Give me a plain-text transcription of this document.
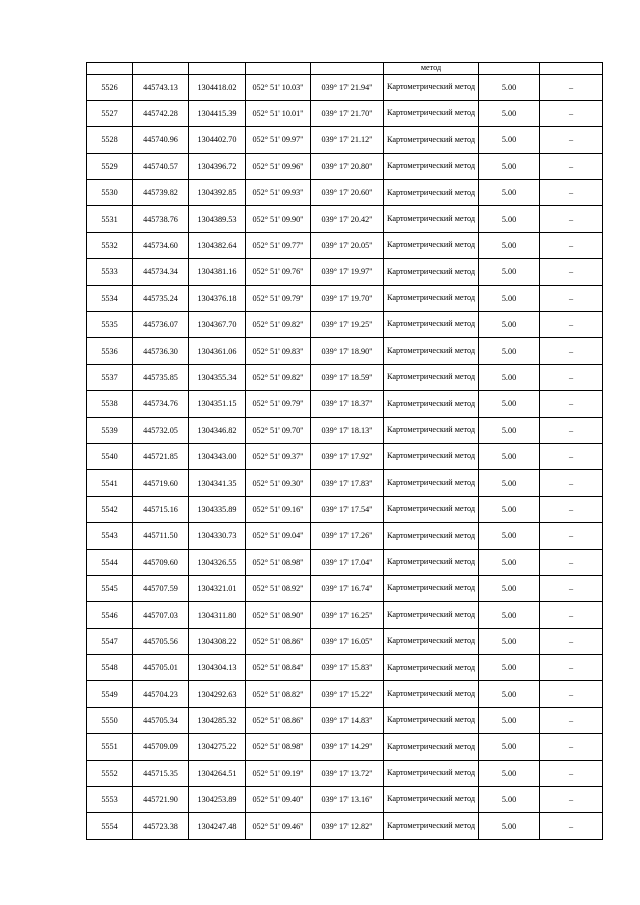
					метод		
5526	445743.13	1304418.02	052° 51' 10.03"	039° 17' 21.94"	Картометрический метод	5.00	–
5527	445742.28	1304415.39	052° 51' 10.01"	039° 17' 21.70"	Картометрический метод	5.00	–
5528	445740.96	1304402.70	052° 51' 09.97"	039° 17' 21.12"	Картометрический метод	5.00	–
5529	445740.57	1304396.72	052° 51' 09.96"	039° 17' 20.80"	Картометрический метод	5.00	–
5530	445739.82	1304392.85	052° 51' 09.93"	039° 17' 20.60"	Картометрический метод	5.00	–
5531	445738.76	1304389.53	052° 51' 09.90"	039° 17' 20.42"	Картометрический метод	5.00	–
5532	445734.60	1304382.64	052° 51' 09.77"	039° 17' 20.05"	Картометрический метод	5.00	–
5533	445734.34	1304381.16	052° 51' 09.76"	039° 17' 19.97"	Картометрический метод	5.00	–
5534	445735.24	1304376.18	052° 51' 09.79"	039° 17' 19.70"	Картометрический метод	5.00	–
5535	445736.07	1304367.70	052° 51' 09.82"	039° 17' 19.25"	Картометрический метод	5.00	–
5536	445736.30	1304361.06	052° 51' 09.83"	039° 17' 18.90"	Картометрический метод	5.00	–
5537	445735.85	1304355.34	052° 51' 09.82"	039° 17' 18.59"	Картометрический метод	5.00	–
5538	445734.76	1304351.15	052° 51' 09.79"	039° 17' 18.37"	Картометрический метод	5.00	–
5539	445732.05	1304346.82	052° 51' 09.70"	039° 17' 18.13"	Картометрический метод	5.00	–
5540	445721.85	1304343.00	052° 51' 09.37"	039° 17' 17.92"	Картометрический метод	5.00	–
5541	445719.60	1304341.35	052° 51' 09.30"	039° 17' 17.83"	Картометрический метод	5.00	–
5542	445715.16	1304335.89	052° 51' 09.16"	039° 17' 17.54"	Картометрический метод	5.00	–
5543	445711.50	1304330.73	052° 51' 09.04"	039° 17' 17.26"	Картометрический метод	5.00	–
5544	445709.60	1304326.55	052° 51' 08.98"	039° 17' 17.04"	Картометрический метод	5.00	–
5545	445707.59	1304321.01	052° 51' 08.92"	039° 17' 16.74"	Картометрический метод	5.00	–
5546	445707.03	1304311.80	052° 51' 08.90"	039° 17' 16.25"	Картометрический метод	5.00	–
5547	445705.56	1304308.22	052° 51' 08.86"	039° 17' 16.05"	Картометрический метод	5.00	–
5548	445705.01	1304304.13	052° 51' 08.84"	039° 17' 15.83"	Картометрический метод	5.00	–
5549	445704.23	1304292.63	052° 51' 08.82"	039° 17' 15.22"	Картометрический метод	5.00	–
5550	445705.34	1304285.32	052° 51' 08.86"	039° 17' 14.83"	Картометрический метод	5.00	–
5551	445709.09	1304275.22	052° 51' 08.98"	039° 17' 14.29"	Картометрический метод	5.00	–
5552	445715.35	1304264.51	052° 51' 09.19"	039° 17' 13.72"	Картометрический метод	5.00	–
5553	445721.90	1304253.89	052° 51' 09.40"	039° 17' 13.16"	Картометрический метод	5.00	–
5554	445723.38	1304247.48	052° 51' 09.46"	039° 17' 12.82"	Картометрический метод	5.00	–
